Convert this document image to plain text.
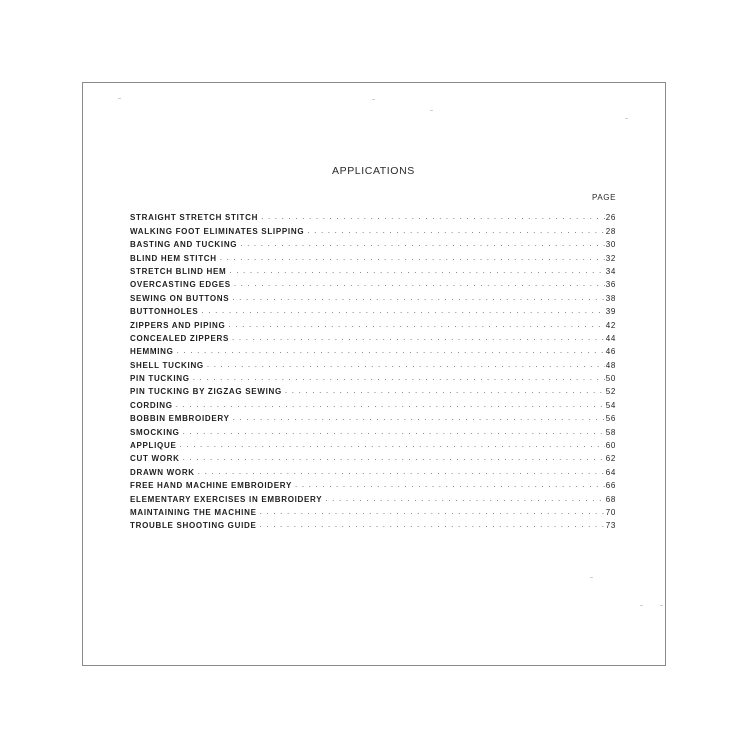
APPLICATIONS
PAGE
STRAIGHT STRETCH STITCH . . .	26
WALKING FOOT ELIMINATES SLIPPING . . .	28
BASTING AND TUCKING . . .	30
BLIND HEM STITCH . . .	32
STRETCH BLIND HEM . . .	34
OVERCASTING EDGES . . .	36
SEWING ON BUTTONS . . .	38
BUTTONHOLES . . .	39
ZIPPERS AND PIPING . . .	42
CONCEALED ZIPPERS . . .	44
HEMMING . . .	46
SHELL TUCKING . . .	48
PIN TUCKING . . .	50
PIN TUCKING BY ZIGZAG SEWING . . .	52
CORDING . . .	54
BOBBIN EMBROIDERY . . .	56
SMOCKING . . .	58
APPLIQUE . . .	60
CUT WORK . . .	62
DRAWN WORK . . .	64
FREE HAND MACHINE EMBROIDERY . . .	66
ELEMENTARY EXERCISES IN EMBROIDERY . . .	68
MAINTAINING THE MACHINE . . .	70
TROUBLE SHOOTING GUIDE . . .	73
